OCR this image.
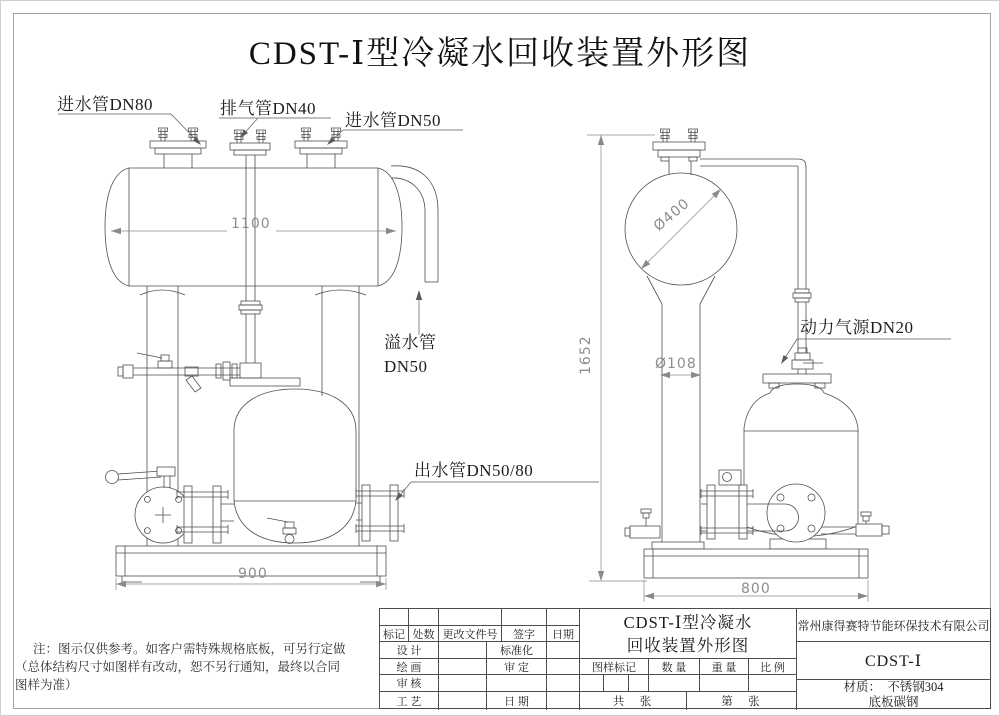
CDST-Ⅰ型冷凝水回收装置外形图
进水管DN80	排气管DN40
进水管DN50
溢水管
DN50
出水管DN50/80
动力气源DN20
1100
900
Ø400
Ø108
1652
800
注：图示仅供参考。如客户需特殊规格底板，可另行定做
（总体结构尺寸如图样有改动，恕不另行通知，最终以合同
图样为准）
标记 处数 更改文件号	签字	日期
设 计	标准化
绘 画	审 定
审 核
工 艺	日 期
CDST-Ⅰ型冷凝水
回收装置外形图
图样标记	数 量	重 量	比 例
共　张	第　张
常州康得赛特节能环保技术有限公司
CDST-Ⅰ
材质：　不锈钢304
底板碳钢
